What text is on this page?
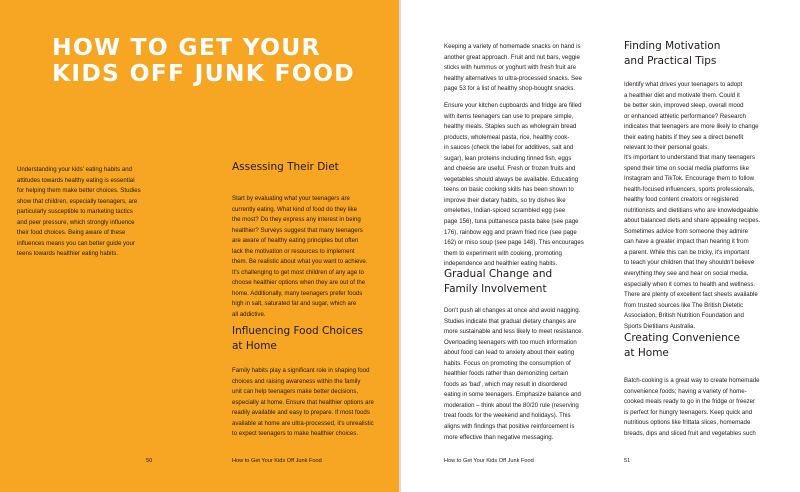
HOW TO GET YOUR
KIDS OFF JUNK FOOD

Understanding your kids' eating habits and
attitudes towards healthy eating is essential
for helping them make better choices. Studies
show that children, especially teenagers, are
particularly susceptible to marketing tactics
and peer pressure, which strongly influence
their food choices. Being aware of these
influences means you can better guide your
teens towards healthier eating habits.

Assessing Their Diet

Start by evaluating what your teenagers are
currently eating. What kind of food do they like
the most? Do they express any interest in being
healthier? Surveys suggest that many teenagers
are aware of healthy eating principles but often
lack the motivation or resources to implement
them. Be realistic about what you want to achieve.
It's challenging to get most children of any age to
choose healthier options when they are out of the
home. Additionally, many teenagers prefer foods
high in salt, saturated fat and sugar, which are
all addictive.

Influencing Food Choices
at Home

Family habits play a significant role in shaping food
choices and raising awareness within the family
unit can help teenagers make better decisions,
especially at home. Ensure that healthier options are
readily available and easy to prepare. If most foods
available at home are ultra-processed, it's unrealistic
to expect teenagers to make healthier choices.

50	How to Get Your Kids Off Junk Food

Keeping a variety of homemade snacks on hand is
another great approach. Fruit and nut bars, veggie
sticks with hummus or yoghurt with fresh fruit are
healthy alternatives to ultra-processed snacks. See
page 53 for a list of healthy shop-bought snacks.

Ensure your kitchen cupboards and fridge are filled
with items teenagers can use to prepare simple,
healthy meals. Staples such as wholegrain bread
products, wholemeal pasta, rice, healthy cook-
in sauces (check the label for additives, salt and
sugar), lean proteins including tinned fish, eggs
and cheese are useful. Fresh or frozen fruits and
vegetables should always be available. Educating
teens on basic cooking skills has been shown to
improve their dietary habits, so try dishes like
omelettes, Indian-spiced scrambled egg (see
page 156), tuna puttanesca pasta bake (see page
176), rainbow egg and prawn fried rice (see page
162) or miso soup (see page 148). This encourages
them to experiment with cooking, promoting
independence and healthier eating habits.

Gradual Change and
Family Involvement

Don't push all changes at once and avoid nagging.
Studies indicate that gradual dietary changes are
more sustainable and less likely to meet resistance.
Overloading teenagers with too much information
about food can lead to anxiety about their eating
habits. Focus on promoting the consumption of
healthier foods rather than demonizing certain
foods as 'bad', which may result in disordered
eating in some teenagers. Emphasize balance and
moderation – think about the 80/20 rule (reserving
treat foods for the weekend and holidays). This
aligns with findings that positive reinforcement is
more effective than negative messaging.

Finding Motivation
and Practical Tips

Identify what drives your teenagers to adopt
a healthier diet and motivate them. Could it
be better skin, improved sleep, overall mood
or enhanced athletic performance? Research
indicates that teenagers are more likely to change
their eating habits if they see a direct benefit
relevant to their personal goals.

It's important to understand that many teenagers
spend their time on social media platforms like
Instagram and TikTok. Encourage them to follow
health-focused influencers, sports professionals,
healthy food content creators or registered
nutritionists and dietitians who are knowledgeable
about balanced diets and share appealing recipes.
Sometimes advice from someone they admire
can have a greater impact than hearing it from
a parent. While this can be tricky, it's important
to teach your children that they shouldn't believe
everything they see and hear on social media,
especially when it comes to health and wellness.
There are plenty of excellent fact sheets available
from trusted sources like The British Dietetic
Association, British Nutrition Foundation and
Sports Dietitians Australia.

Creating Convenience
at Home

Batch-cooking is a great way to create homemade
convenience foods; having a variety of home-
cooked meals ready to go in the fridge or freezer
is perfect for hungry teenagers. Keep quick and
nutritious options like frittata slices, homemade
breads, dips and sliced fruit and vegetables such

How to Get Your Kids Off Junk Food	51
